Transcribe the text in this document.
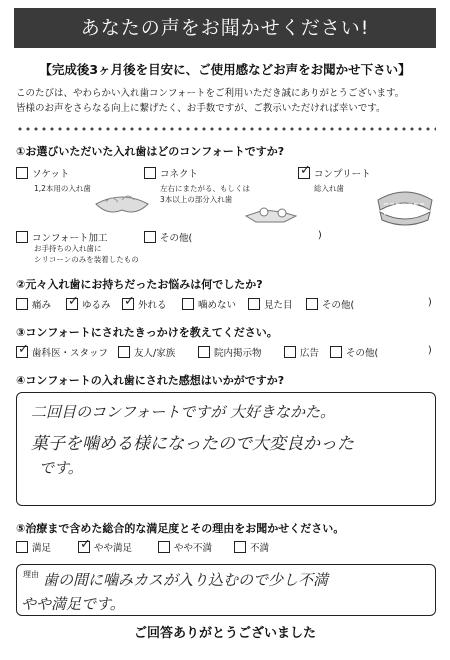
あなたの声をお聞かせください!
【完成後3ヶ月後を目安に、ご使用感などお声をお聞かせ下さい】
このたびは、やわらかい入れ歯コンフォートをご利用いただき誠にありがとうございます。
皆様のお声をさらなる向上に繋げたく、お手数ですが、ご教示いただければ幸いです。
①お選びいただいた入れ歯はどのコンフォートですか?
ソケット
1,2本用の入れ歯
コネクト
左右にまたがる、もしくは
3本以上の部分入れ歯
✓
コンプリート
総入れ歯
コンフォート加工
お手持ちの入れ歯に
シリコーンのみを装着したもの
その他(	)
②元々入れ歯にお持ちだったお悩みは何でしたか?
痛み ✓	ゆるみ ✓	外れる	噛めない	見た目	その他(	)
③コンフォートにされたきっかけを教えてください。
✓
歯科医・スタッフ	友人/家族	院内掲示物	広告	その他(	)
④コンフォートの入れ歯にされた感想はいかがですか?
二回目のコンフォートですが 大好きなかた。
菓子を噛める様になったので大変良かった
です。
⑤治療まで含めた総合的な満足度とその理由をお聞かせください。
満足 ✓	やや満足	やや不満	不満
理由 歯の間に噛みカスが入り込むので少し不満
やや満足です。
ご回答ありがとうございました
